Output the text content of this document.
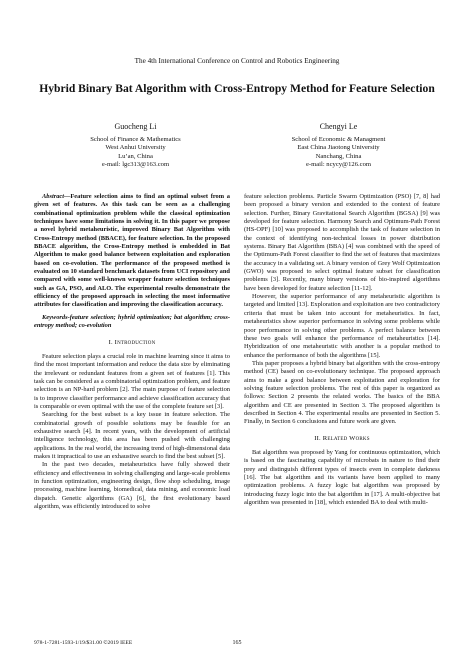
The 4th International Conference on Control and Robotics Engineering
Hybrid Binary Bat Algorithm with Cross-Entropy Method for Feature Selection
Guocheng Li
School of Finance & Mathematics
West Anhui University
Lu’an, China
e-mail: lgc313@163.com
Chengyi Le
School of Economic & Managment
East China Jiaotong University
Nanchang, China
e-mail: ncycy@126.com

Abstract—Feature selection aims to find an optimal subset from a given set of features. As this task can be seen as a challenging combinational optimization problem while the classical optimization techniques have some limitations in solving it. In this paper we propose a novel hybrid metaheuristic, improved Binary Bat Algorithm with Cross-Entropy method (BBACE), for feature selection. In the proposed BBACE algorithm, the Cross-Entropy method is embedded in Bat Algorithm to make good balance between exploitation and exploration based on co-evolution. The performance of the proposed method is evaluated on 10 standard benchmark datasets from UCI repository and compared with some well-known wrapper feature selection techniques such as GA, PSO, and ALO. The experimental results demonstrate the efficiency of the proposed approach in selecting the most informative attributes for classification and improving the classification accuracy.

Keywords-feature selection; hybrid optimization; bat algorithm; cross-entropy method; co-evolution

I. Introduction

Feature selection plays a crucial role in machine learning since it aims to find the most important information and reduce the data size by eliminating the irrelevant or redundant features from a given set of features [1]. This task can be considered as a combinatorial optimization problem, and feature selection is an NP-hard problem [2]. The main purpose of feature selection is to improve classifier performance and achieve classification accuracy that is comparable or even optimal with the use of the complete feature set [3].

Searching for the best subset is a key issue in feature selection. The combinatorial growth of possible solutions may be feasible for an exhaustive search [4]. In recent years, with the development of artificial intelligence technology, this area has been pushed with challenging applications. In the real world, the increasing trend of high-dimensional data makes it impractical to use an exhaustive search to find the best subset [5].

In the past two decades, metaheuristics have fully showed their efficiency and effectiveness in solving challenging and large-scale problems in function optimization, engineering design, flow shop scheduling, image processing, machine learning, biomedical, data mining, and economic load dispatch. Genetic algorithms (GA) [6], the first evolutionary based algorithm, was efficiently introduced to solve

feature selection problems. Particle Swarm Optimization (PSO) [7, 8] had been proposed a binary version and extended to the context of feature selection. Further, Binary Gravitational Search Algorithm (BGSA) [9] was developed for feature selection. Harmony Search and Optimum-Path Forest (HS-OPF) [10] was proposed to accomplish the task of feature selection in the context of identifying non-technical losses in power distribution systems. Binary Bat Algorithm (BBA) [4] was combined with the speed of the Optimum-Path Forest classifier to find the set of features that maximizes the accuracy in a validating set. A binary version of Grey Wolf Optimization (GWO) was proposed to select optimal feature subset for classification problems [3]. Recently, many binary versions of bio-inspired algorithms have been developed for feature selection [11-12].

However, the superior performance of any metaheuristic algorithm is targeted and limited [13]. Exploration and exploitation are two contradictory criteria that must be taken into account for metaheuristics. In fact, metaheuristics show superior performance in solving some problems while poor performance in solving other problems. A perfect balance between these two goals will enhance the performance of metaheuristics [14]. Hybridization of one metaheuristic with another is a popular method to enhance the performance of both the algorithms [15].

This paper proposes a hybrid binary bat algorithm with the cross-entropy method (CE) based on co-evolutionary technique. The proposed approach aims to make a good balance between exploitation and exploration for solving feature selection problems. The rest of this paper is organized as follows: Section 2 presents the related works. The basics of the BBA algorithm and CE are presented in Section 3. The proposed algorithm is described in Section 4. The experimental results are presented in Section 5. Finally, in Section 6 conclusions and future work are given.

II. Related Works

Bat algorithm was proposed by Yang for continuous optimization, which is based on the fascinating capability of microbats in nature to find their prey and distinguish different types of insects even in complete darkness [16]. The bat algorithm and its variants have been applied to many optimization problems. A fuzzy logic bat algorithm was proposed by introducing fuzzy logic into the bat algorithm in [17]. A multi-objective bat algorithm was presented in [18], which extended BA to deal with multi-

978-1-7281-1593-1/19/$31.00 ©2019 IEEE	165
